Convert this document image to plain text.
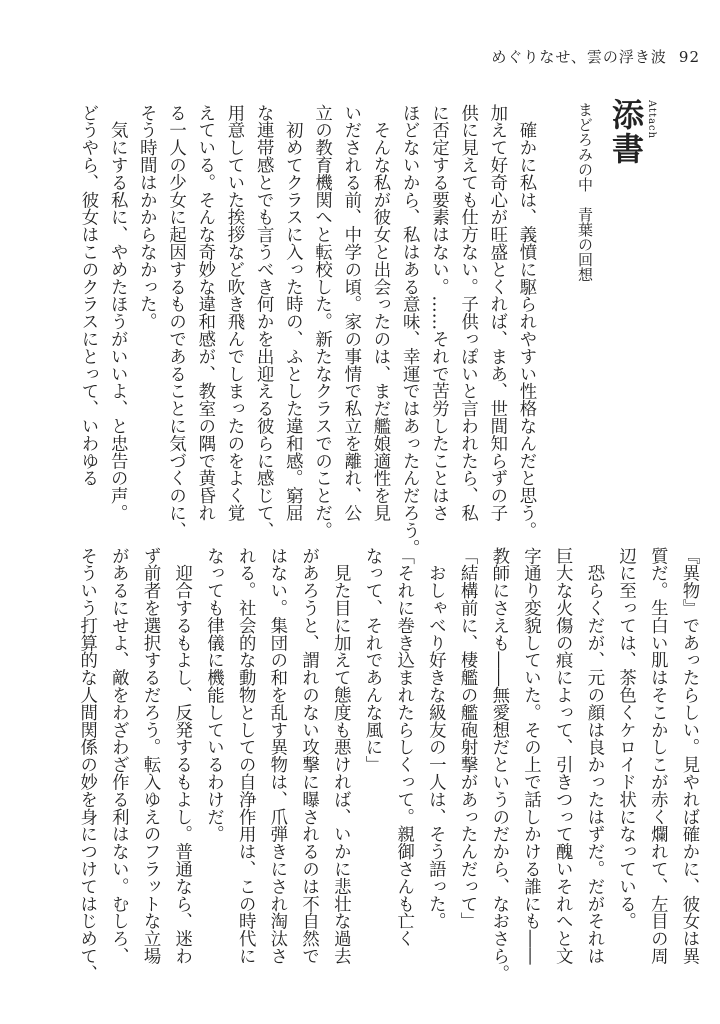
めぐりなせ、雲の浮き波 92
添書 Attach
まどろみの中　青葉の回想
　確かに私は、義憤に駆られやすい性格なんだと思う。
加えて好奇心が旺盛とくれば、まあ、世間知らずの子
供に見えても仕方ない。子供っぽいと言われたら、私
に否定する要素はない。……それで苦労したことはさ
ほどないから、私はある意味、幸運ではあったんだろう。
　そんな私が彼女と出会ったのは、まだ艦娘適性を見
いだされる前、中学の頃。家の事情で私立を離れ、公
立の教育機関へと転校した。新たなクラスでのことだ。
　初めてクラスに入った時の、ふとした違和感。窮屈
な連帯感とでも言うべき何かを出迎える彼らに感じて、
用意していた挨拶など吹き飛んでしまったのをよく覚
えている。そんな奇妙な違和感が、教室の隅で黄昏れ
る一人の少女に起因するものであることに気づくのに、
そう時間はかからなかった。
　気にする私に、やめたほうがいいよ、と忠告の声。
どうやら、彼女はこのクラスにとって、いわゆる
『異物』であったらしい。見やれば確かに、彼女は異
質だ。生白い肌はそこかしこが赤く爛れて、左目の周
辺に至っては、茶色くケロイド状になっている。
　恐らくだが、元の顔は良かったはずだ。だがそれは
巨大な火傷の痕によって、引きつって醜いそれへと文
字通り変貌していた。その上で話しかける誰にも――
教師にさえも――無愛想だというのだから、なおさら。
「結構前に、棲艦の艦砲射撃があったんだって」
　おしゃべり好きな級友の一人は、そう語った。
「それに巻き込まれたらしくって。親御さんも亡く
なって、それであんな風に」
　見た目に加えて態度も悪ければ、いかに悲壮な過去
があろうと、謂れのない攻撃に曝されるのは不自然で
はない。集団の和を乱す異物は、爪弾きにされ淘汰さ
れる。社会的な動物としての自浄作用は、この時代に
なっても律儀に機能しているわけだ。
　迎合するもよし、反発するもよし。普通なら、迷わ
ず前者を選択するだろう。転入ゆえのフラットな立場
があるにせよ、敵をわざわざ作る利はない。むしろ、
そういう打算的な人間関係の妙を身につけてはじめて、
